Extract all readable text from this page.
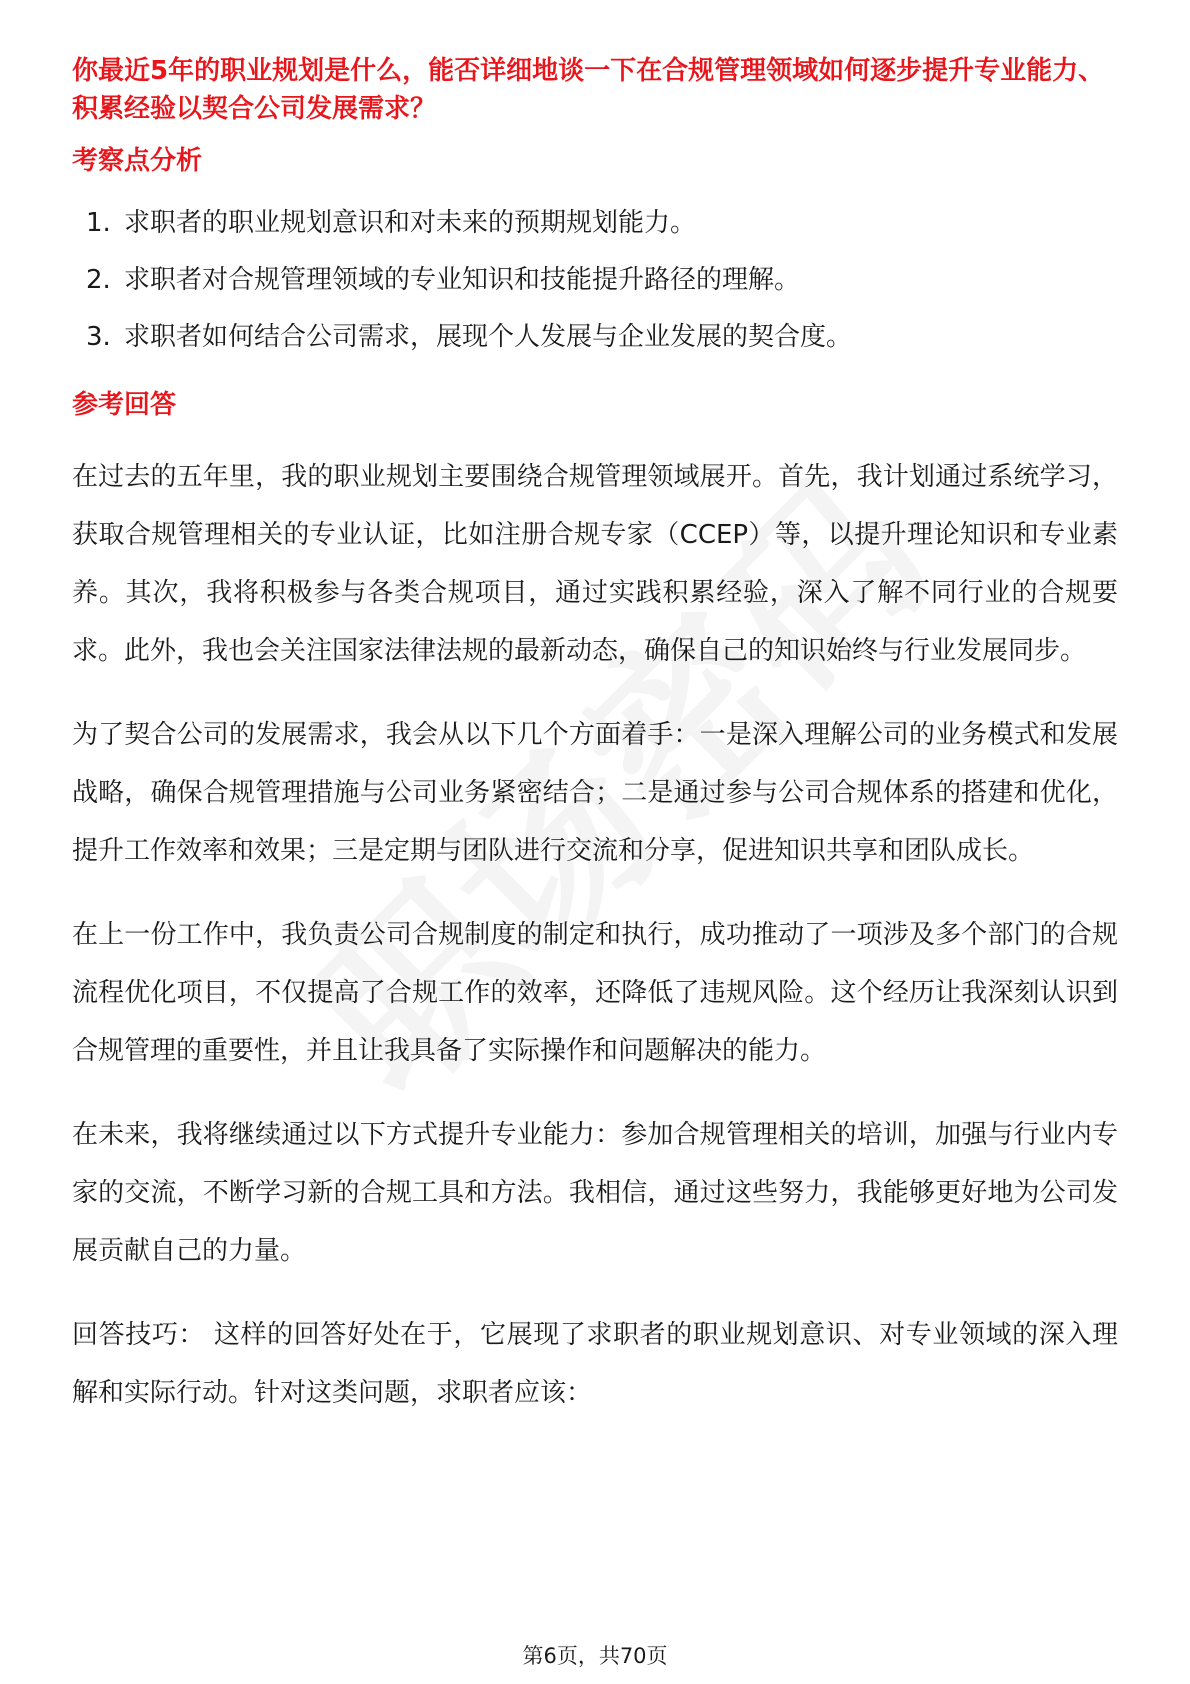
你最近5年的职业规划是什么，能否详细地谈一下在合规管理领域如何逐步提升专业能力、积累经验以契合公司发展需求？

考察点分析

1. 求职者的职业规划意识和对未来的预期规划能力。
2. 求职者对合规管理领域的专业知识和技能提升路径的理解。
3. 求职者如何结合公司需求，展现个人发展与企业发展的契合度。

参考回答

在过去的五年里，我的职业规划主要围绕合规管理领域展开。首先，我计划通过系统学习，获取合规管理相关的专业认证，比如注册合规专家（CCEP）等，以提升理论知识和专业素养。其次，我将积极参与各类合规项目，通过实践积累经验，深入了解不同行业的合规要求。此外，我也会关注国家法律法规的最新动态，确保自己的知识始终与行业发展同步。

为了契合公司的发展需求，我会从以下几个方面着手：一是深入理解公司的业务模式和发展战略，确保合规管理措施与公司业务紧密结合；二是通过参与公司合规体系的搭建和优化，提升工作效率和效果；三是定期与团队进行交流和分享，促进知识共享和团队成长。

在上一份工作中，我负责公司合规制度的制定和执行，成功推动了一项涉及多个部门的合规流程优化项目，不仅提高了合规工作的效率，还降低了违规风险。这个经历让我深刻认识到合规管理的重要性，并且让我具备了实际操作和问题解决的能力。

在未来，我将继续通过以下方式提升专业能力：参加合规管理相关的培训，加强与行业内专家的交流，不断学习新的合规工具和方法。我相信，通过这些努力，我能够更好地为公司发展贡献自己的力量。

回答技巧： 这样的回答好处在于，它展现了求职者的职业规划意识、对专业领域的深入理解和实际行动。针对这类问题，求职者应该：

第6页，共70页
